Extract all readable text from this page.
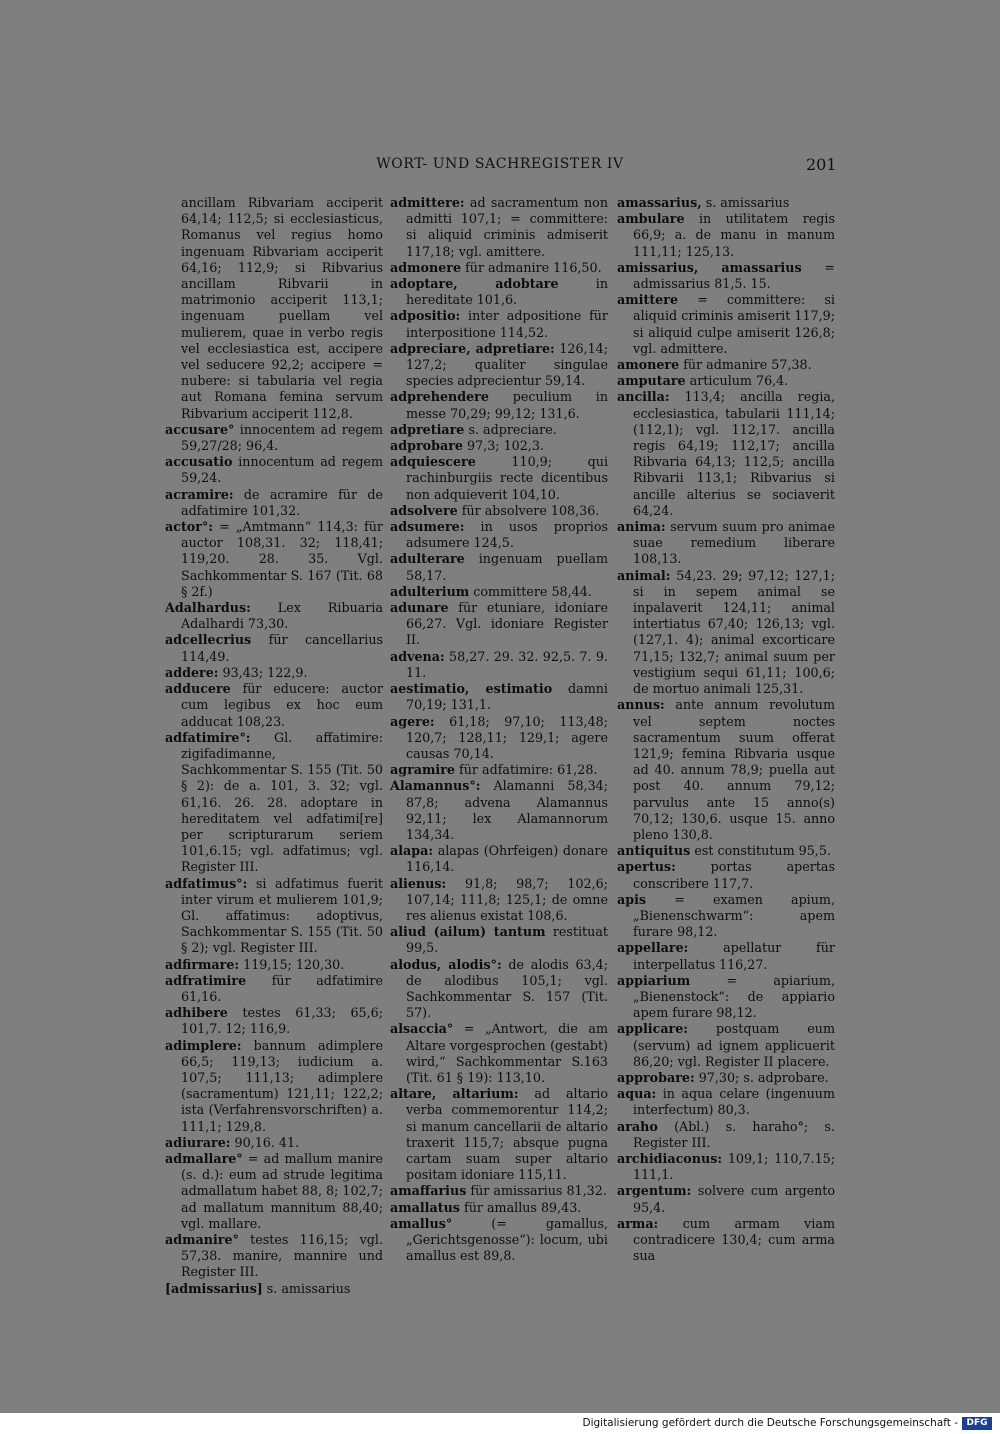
WORT- UND SACHREGISTER IV	201

ancillam Ribvariam acciperit 64,14; 112,5; si ecclesiasticus, Romanus vel regius homo ingenuam Ribvariam acciperit 64,16; 112,9; si Ribvarius ancillam Ribvarii in matrimonio acciperit 113,1; ingenuam puellam vel mulierem, quae in verbo regis vel ecclesiastica est, accipere vel seducere 92,2; accipere = nubere: si tabularia vel regia aut Romana femina servum Ribvarium acciperit 112,8.

accusare° innocentem ad regem 59,27/28; 96,4.

accusatio innocentum ad regem 59,24.

acramire: de acramire für de adfatimire 101,32.

actor°: = „Amtmann“ 114,3: für auctor 108,31. 32; 118,41; 119,20. 28. 35. Vgl. Sachkommentar S. 167 (Tit. 68 § 2f.)

Adalhardus: Lex Ribuaria Adalhardi 73,30.

adcellecrius für cancellarius 114,49.

addere: 93,43; 122,9.

adducere für educere: auctor cum legibus ex hoc eum adducat 108,23.

adfatimire°: Gl. affatimire: zigifadimanne, Sachkommentar S. 155 (Tit. 50 § 2): de a. 101, 3. 32; vgl. 61,16. 26. 28. adoptare in hereditatem vel adfatimi[re] per scripturarum seriem 101,6.15; vgl. adfatimus; vgl. Register III.

adfatimus°: si adfatimus fuerit inter virum et mulierem 101,9; Gl. affatimus: adoptivus, Sachkommentar S. 155 (Tit. 50 § 2); vgl. Register III.

adfirmare: 119,15; 120,30.

adfratimire für adfatimire 61,16.

adhibere testes 61,33; 65,6; 101,7. 12; 116,9.

adimplere: bannum adimplere 66,5; 119,13; iudicium a. 107,5; 111,13; adimplere (sacramentum) 121,11; 122,2; ista (Verfahrensvorschriften) a. 111,1; 129,8.

adiurare: 90,16. 41.

admallare° = ad mallum manire (s. d.): eum ad strude legitima admallatum habet 88, 8; 102,7; ad mallatum mannitum 88,40; vgl. mallare.

admanire° testes 116,15; vgl. 57,38. manire, mannire und Register III.

[admissarius] s. amissarius

admittere: ad sacramentum non admitti 107,1; = committere: si aliquid criminis admiserit 117,18; vgl. amittere.

admonere für admanire 116,50.

adoptare, adobtare	in hereditate 101,6.

adpositio: inter adpositione für interpositione 114,52.

adpreciare, adpretiare: 126,14; 127,2; qualiter singulae species adprecientur 59,14.

adprehendere peculium in messe 70,29; 99,12; 131,6.

adpretiare s. adpreciare.

adprobare 97,3; 102,3.

adquiescere	110,9; qui rachinburgiis recte dicentibus non adquieverit 104,10.

adsolvere für absolvere 108,36.

adsumere: in usos proprios adsumere 124,5.

adulterare ingenuam puellam 58,17.

adulterium committere 58,44.

adunare für etuniare, idoniare 66,27. Vgl. idoniare Register II.

advena: 58,27. 29. 32. 92,5. 7. 9. 11.

aestimatio, estimatio damni 70,19; 131,1.

agere: 61,18; 97,10; 113,48; 120,7; 128,11; 129,1; agere causas 70,14.

agramire für adfatimire: 61,28.

Alamannus°: Alamanni 58,34; 87,8; advena Alamannus 92,11; lex Alamannorum 134,34.

alapa: alapas (Ohrfeigen) donare 116,14.

alienus: 91,8; 98,7; 102,6; 107,14; 111,8; 125,1; de omne res alienus existat 108,6.

aliud (ailum) tantum restituat 99,5.

alodus, alodis°: de alodis 63,4; de alodibus 105,1; vgl. Sachkommentar S. 157 (Tit. 57).

alsaccia° = „Antwort, die am Altare vorgesprochen (gestabt) wird,“ Sachkommentar S.163 (Tit. 61 § 19): 113,10.

altare, altarium: ad altario verba commemorentur 114,2; si manum cancellarii de altario traxerit 115,7; absque pugna cartam suam super altario positam idoniare 115,11.

amaffarius für amissarius 81,32.

amallatus für amallus 89,43.

amallus°	(= gamallus, „Gerichtsgenosse“): locum, ubi amallus est 89,8.

amassarius, s. amissarius

ambulare in utilitatem regis 66,9; a. de manu in manum 111,11; 125,13.

amissarius, amassarius = admissarius 81,5. 15.

amittere = committere: si aliquid criminis amiserit 117,9; si aliquid culpe amiserit 126,8; vgl. admittere.

amonere für admanire 57,38.

amputare articulum 76,4.

ancilla: 113,4; ancilla regia, ecclesiastica, tabularii 111,14; (112,1); vgl. 112,17. ancilla regis 64,19; 112,17; ancilla Ribvaria 64,13; 112,5; ancilla Ribvarii 113,1; Ribvarius si ancille alterius se sociaverit 64,24.

anima: servum suum pro animae suae remedium liberare 108,13.

animal: 54,23. 29; 97,12; 127,1; si in sepem animal se inpalaverit 124,11; animal intertiatus 67,40; 126,13; vgl. (127,1. 4); animal excorticare 71,15; 132,7; animal suum per vestigium sequi 61,11; 100,6; de mortuo animali 125,31.

annus: ante annum revolutum vel septem noctes sacramentum suum offerat 121,9; femina Ribvaria usque ad 40. annum 78,9; puella aut post 40. annum 79,12; parvulus ante 15 anno(s) 70,12; 130,6. usque 15. anno pleno 130,8.

antiquitus est constitutum 95,5.

apertus:	portas apertas conscribere 117,7.

apis = examen apium, „Bienenschwarm“: apem furare 98,12.

appellare:	apellatur für interpellatus 116,27.

appiarium	= apiarium, „Bienenstock“: de appiario apem furare 98,12.

applicare: postquam eum (servum) ad ignem applicuerit 86,20; vgl. Register II placere.

approbare: 97,30; s. adprobare.

aqua: in aqua celare (ingenuum interfectum) 80,3.

araho (Abl.) s. haraho°; s. Register III.

archidiaconus: 109,1; 110,7.15; 111,1.

argentum: solvere cum argento 95,4.

arma: cum armam viam contradicere 130,4; cum arma sua

Digitalisierung gefördert durch die Deutsche Forschungsgemeinschaft - DFG
